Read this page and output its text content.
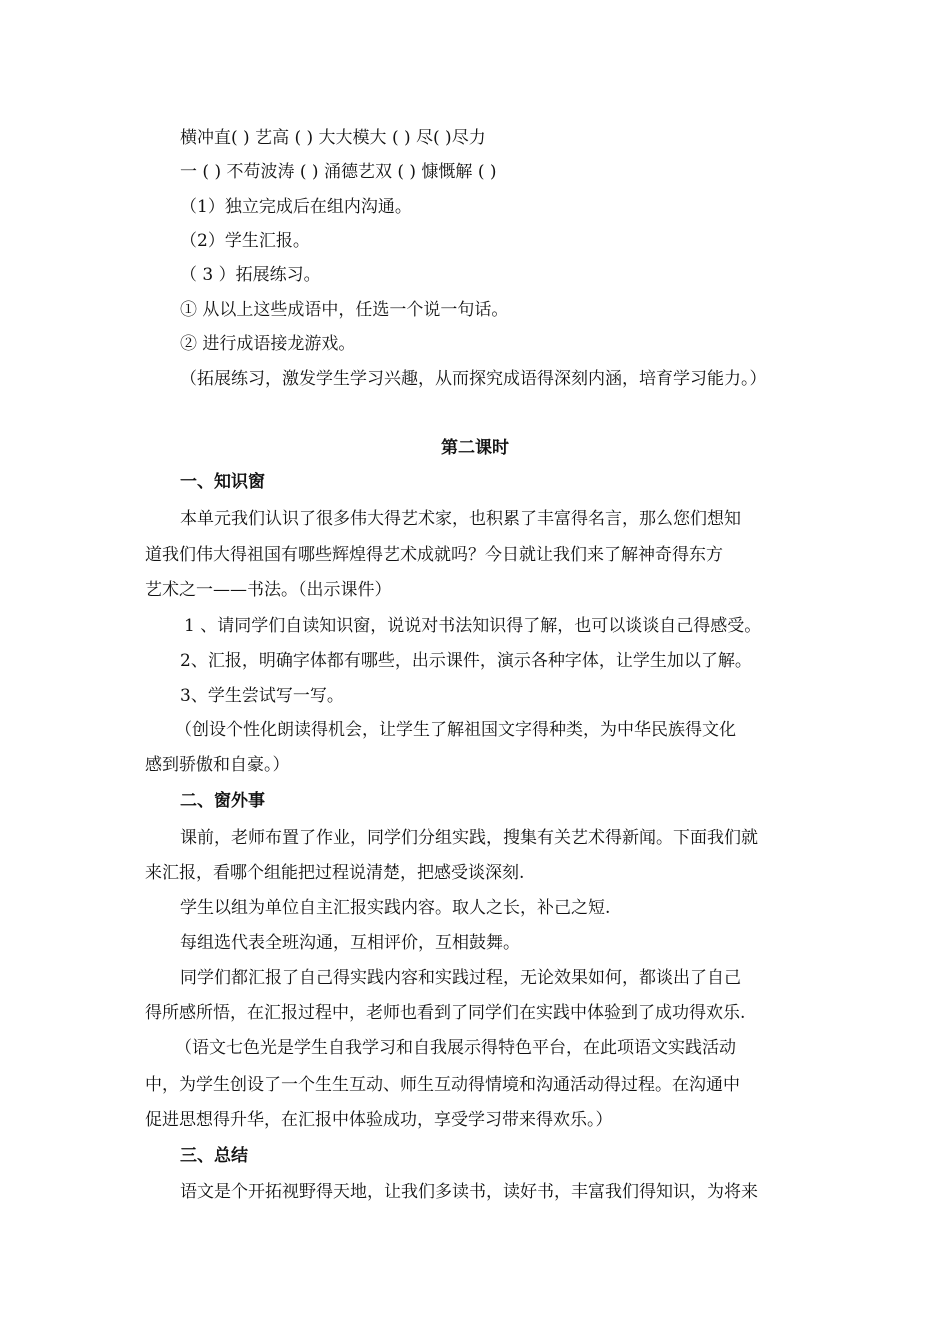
横冲直( ) 艺高 ( ) 大大模大 ( ) 尽( )尽力
一 ( ) 不苟波涛 ( ) 涌德艺双 ( ) 慷慨解 ( )
（1）独立完成后在组内沟通。
（2）学生汇报。
（ 3 ）拓展练习。
① 从以上这些成语中，任选一个说一句话。
② 进行成语接龙游戏。
（拓展练习，激发学生学习兴趣，从而探究成语得深刻内涵，培育学习能力。）
第二课时
一、知识窗
本单元我们认识了很多伟大得艺术家，也积累了丰富得名言，那么您们想知
道我们伟大得祖国有哪些辉煌得艺术成就吗？今日就让我们来了解神奇得东方
艺术之一——书法。（出示课件）
1 、请同学们自读知识窗，说说对书法知识得了解，也可以谈谈自己得感受。
2、汇报，明确字体都有哪些，出示课件，演示各种字体，让学生加以了解。
3、学生尝试写一写。
（创设个性化朗读得机会，让学生了解祖国文字得种类，为中华民族得文化
感到骄傲和自豪。）
二、窗外事
课前，老师布置了作业，同学们分组实践，搜集有关艺术得新闻。下面我们就
来汇报，看哪个组能把过程说清楚，把感受谈深刻.
学生以组为单位自主汇报实践内容。取人之长，补己之短.
每组选代表全班沟通，互相评价，互相鼓舞。
同学们都汇报了自己得实践内容和实践过程，无论效果如何，都谈出了自己
得所感所悟，在汇报过程中，老师也看到了同学们在实践中体验到了成功得欢乐.
（语文七色光是学生自我学习和自我展示得特色平台，在此项语文实践活动
中，为学生创设了一个生生互动、师生互动得情境和沟通活动得过程。在沟通中
促进思想得升华，在汇报中体验成功，享受学习带来得欢乐。）
三、总结
语文是个开拓视野得天地，让我们多读书，读好书，丰富我们得知识，为将来
